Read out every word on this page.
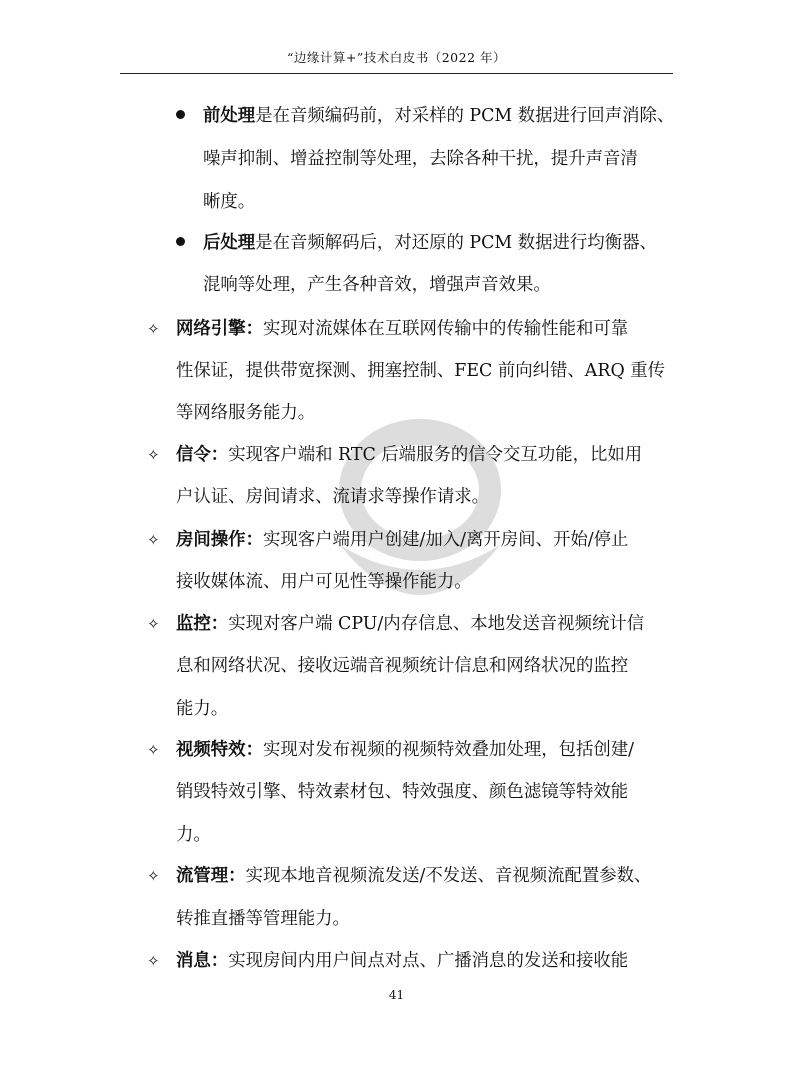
“边缘计算+”技术白皮书（2022 年）
前处理是在音频编码前，对采样的 PCM 数据进行回声消除、
噪声抑制、增益控制等处理，去除各种干扰，提升声音清
晰度。
后处理是在音频解码后，对还原的 PCM 数据进行均衡器、
混响等处理，产生各种音效，增强声音效果。
✧ 网络引擎：实现对流媒体在互联网传输中的传输性能和可靠
性保证，提供带宽探测、拥塞控制、FEC 前向纠错、ARQ 重传
等网络服务能力。
✧ 信令：实现客户端和 RTC 后端服务的信令交互功能，比如用
户认证、房间请求、流请求等操作请求。
✧ 房间操作：实现客户端用户创建/加入/离开房间、开始/停止
接收媒体流、用户可见性等操作能力。
✧ 监控：实现对客户端 CPU/内存信息、本地发送音视频统计信
息和网络状况、接收远端音视频统计信息和网络状况的监控
能力。
✧ 视频特效：实现对发布视频的视频特效叠加处理，包括创建/
销毁特效引擎、特效素材包、特效强度、颜色滤镜等特效能
力。
✧ 流管理：实现本地音视频流发送/不发送、音视频流配置参数、
转推直播等管理能力。
✧ 消息：实现房间内用户间点对点、广播消息的发送和接收能
41
